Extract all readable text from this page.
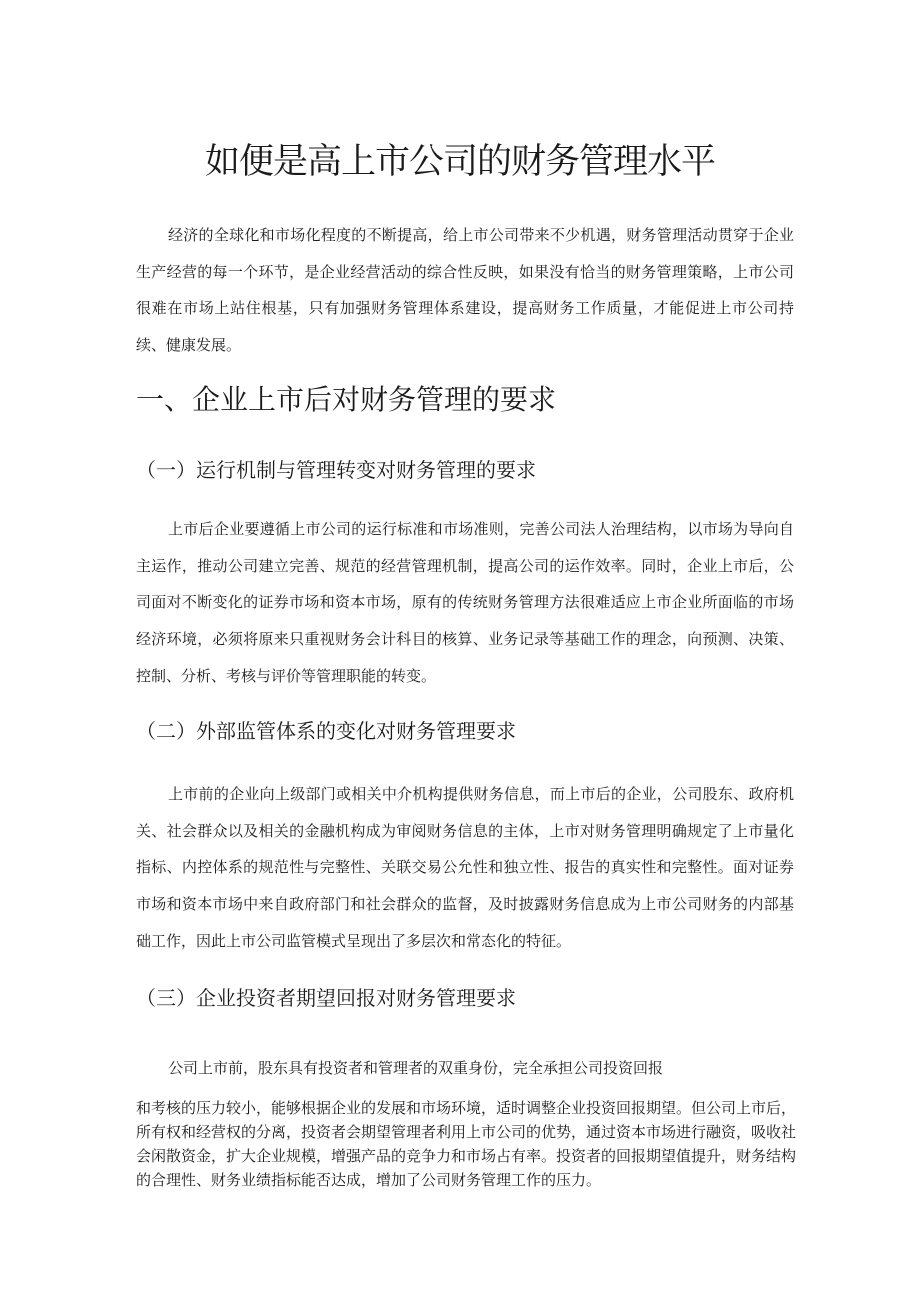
如便是高上市公司的财务管理水平

经济的全球化和市场化程度的不断提高，给上市公司带来不少机遇，财务管理活动贯穿于企业生产经营的每一个环节，是企业经营活动的综合性反映，如果没有恰当的财务管理策略，上市公司很难在市场上站住根基，只有加强财务管理体系建设，提高财务工作质量，才能促进上市公司持续、健康发展。

一、企业上市后对财务管理的要求
（一）运行机制与管理转变对财务管理的要求

上市后企业要遵循上市公司的运行标准和市场准则，完善公司法人治理结构，以市场为导向自主运作，推动公司建立完善、规范的经营管理机制，提高公司的运作效率。同时，企业上市后，公司面对不断变化的证券市场和资本市场，原有的传统财务管理方法很难适应上市企业所面临的市场经济环境，必须将原来只重视财务会计科目的核算、业务记录等基础工作的理念，向预测、决策、控制、分析、考核与评价等管理职能的转变。

（二）外部监管体系的变化对财务管理要求

上市前的企业向上级部门或相关中介机构提供财务信息，而上市后的企业，公司股东、政府机关、社会群众以及相关的金融机构成为审阅财务信息的主体，上市对财务管理明确规定了上市量化指标、内控体系的规范性与完整性、关联交易公允性和独立性、报告的真实性和完整性。面对证券市场和资本市场中来自政府部门和社会群众的监督，及时披露财务信息成为上市公司财务的内部基础工作，因此上市公司监管模式呈现出了多层次和常态化的特征。

（三）企业投资者期望回报对财务管理要求

公司上市前，股东具有投资者和管理者的双重身份，完全承担公司投资回报

和考核的压力较小，能够根据企业的发展和市场环境，适时调整企业投资回报期望。但公司上市后，所有权和经营权的分离，投资者会期望管理者利用上市公司的优势，通过资本市场进行融资，吸收社会闲散资金，扩大企业规模，增强产品的竞争力和市场占有率。投资者的回报期望值提升，财务结构的合理性、财务业绩指标能否达成，增加了公司财务管理工作的压力。
